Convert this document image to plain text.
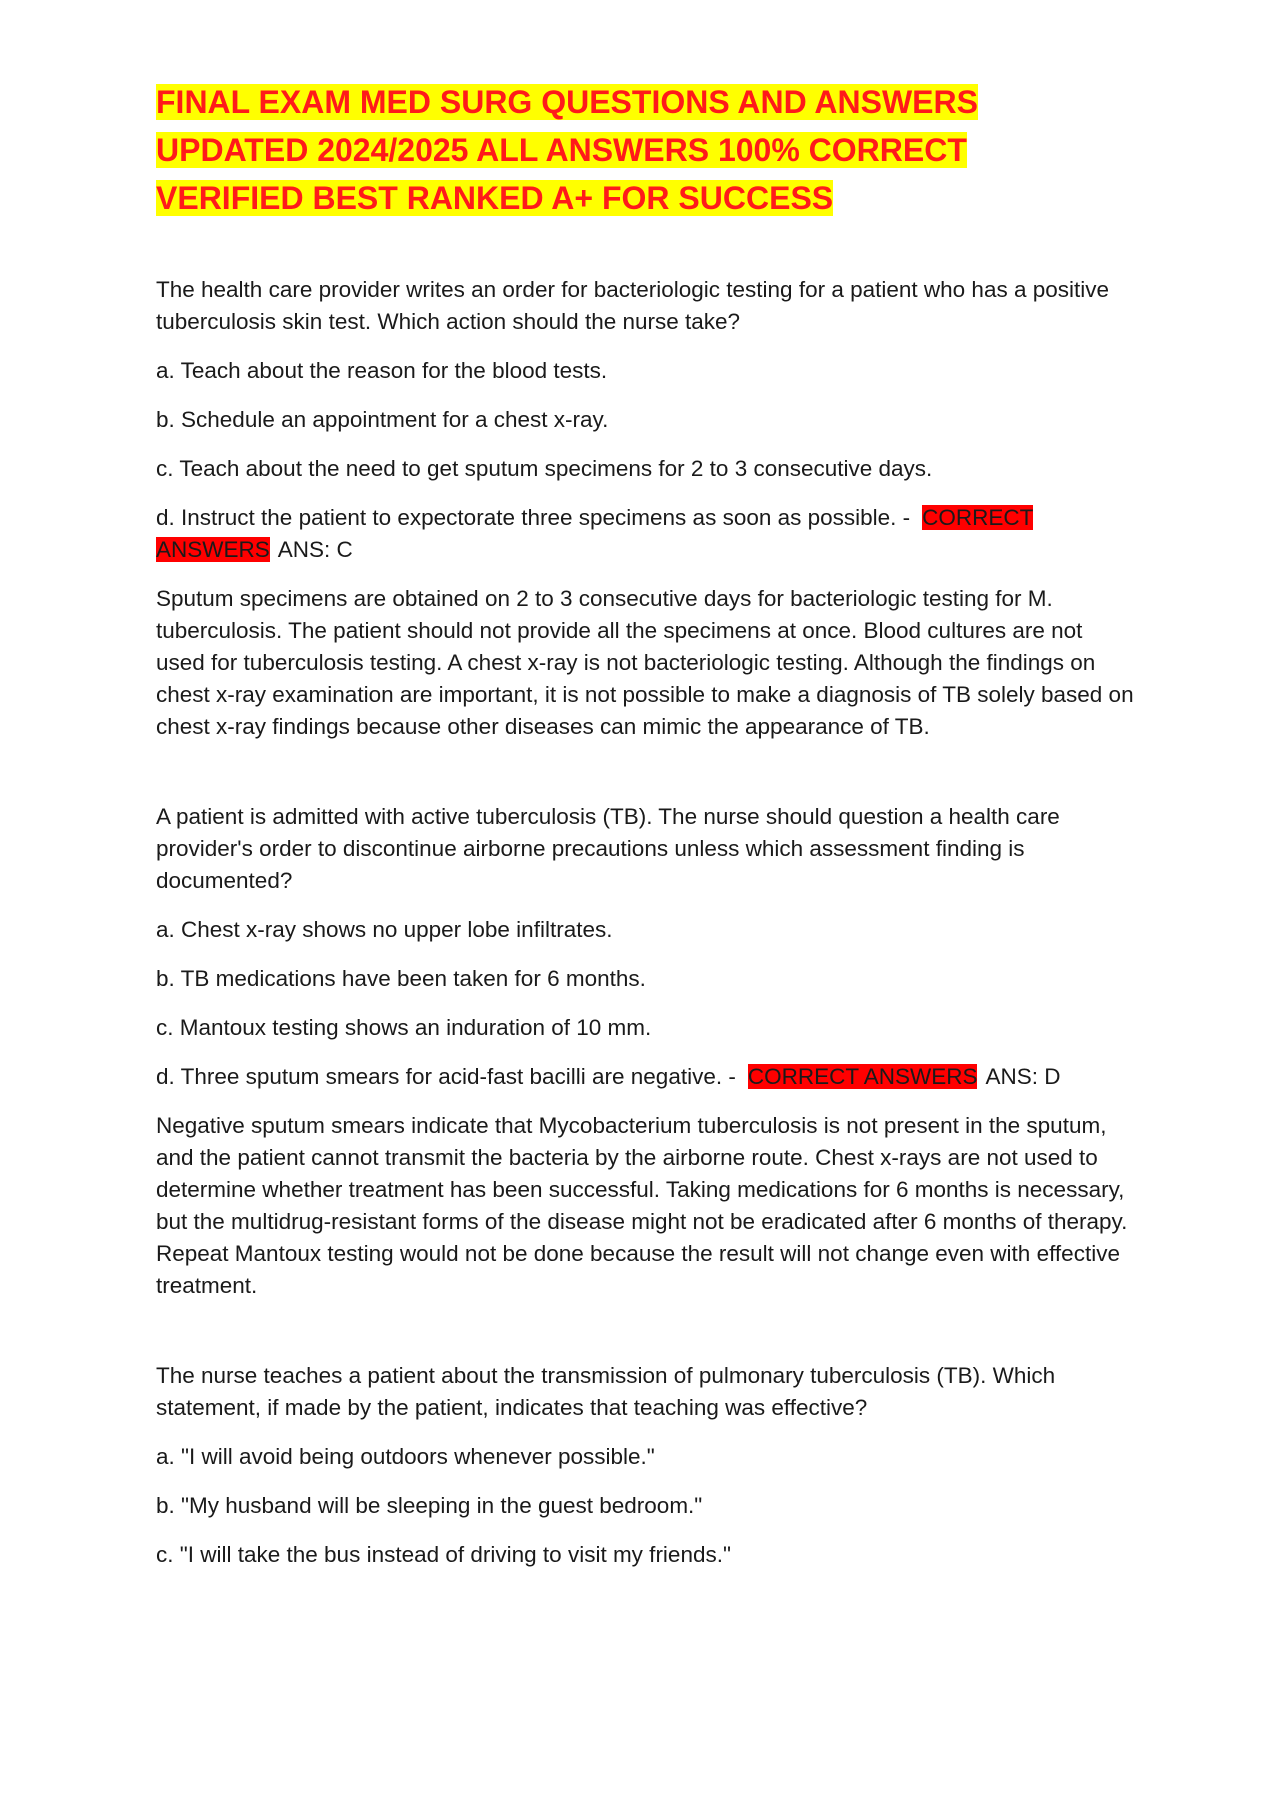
FINAL EXAM MED SURG QUESTIONS AND ANSWERS
UPDATED 2024/2025 ALL ANSWERS 100% CORRECT
VERIFIED BEST RANKED A+ FOR SUCCESS

The health care provider writes an order for bacteriologic testing for a patient who has a positive tuberculosis skin test. Which action should the nurse take?

a. Teach about the reason for the blood tests.

b. Schedule an appointment for a chest x-ray.

c. Teach about the need to get sputum specimens for 2 to 3 consecutive days.

d. Instruct the patient to expectorate three specimens as soon as possible. - CORRECT ANSWERS ANS: C

Sputum specimens are obtained on 2 to 3 consecutive days for bacteriologic testing for M. tuberculosis. The patient should not provide all the specimens at once. Blood cultures are not used for tuberculosis testing. A chest x-ray is not bacteriologic testing. Although the findings on chest x-ray examination are important, it is not possible to make a diagnosis of TB solely based on chest x-ray findings because other diseases can mimic the appearance of TB.

A patient is admitted with active tuberculosis (TB). The nurse should question a health care provider's order to discontinue airborne precautions unless which assessment finding is documented?

a. Chest x-ray shows no upper lobe infiltrates.

b. TB medications have been taken for 6 months.

c. Mantoux testing shows an induration of 10 mm.

d. Three sputum smears for acid-fast bacilli are negative. - CORRECT ANSWERS ANS: D

Negative sputum smears indicate that Mycobacterium tuberculosis is not present in the sputum, and the patient cannot transmit the bacteria by the airborne route. Chest x-rays are not used to determine whether treatment has been successful. Taking medications for 6 months is necessary, but the multidrug-resistant forms of the disease might not be eradicated after 6 months of therapy. Repeat Mantoux testing would not be done because the result will not change even with effective treatment.

The nurse teaches a patient about the transmission of pulmonary tuberculosis (TB). Which statement, if made by the patient, indicates that teaching was effective?

a. "I will avoid being outdoors whenever possible."

b. "My husband will be sleeping in the guest bedroom."

c. "I will take the bus instead of driving to visit my friends."
